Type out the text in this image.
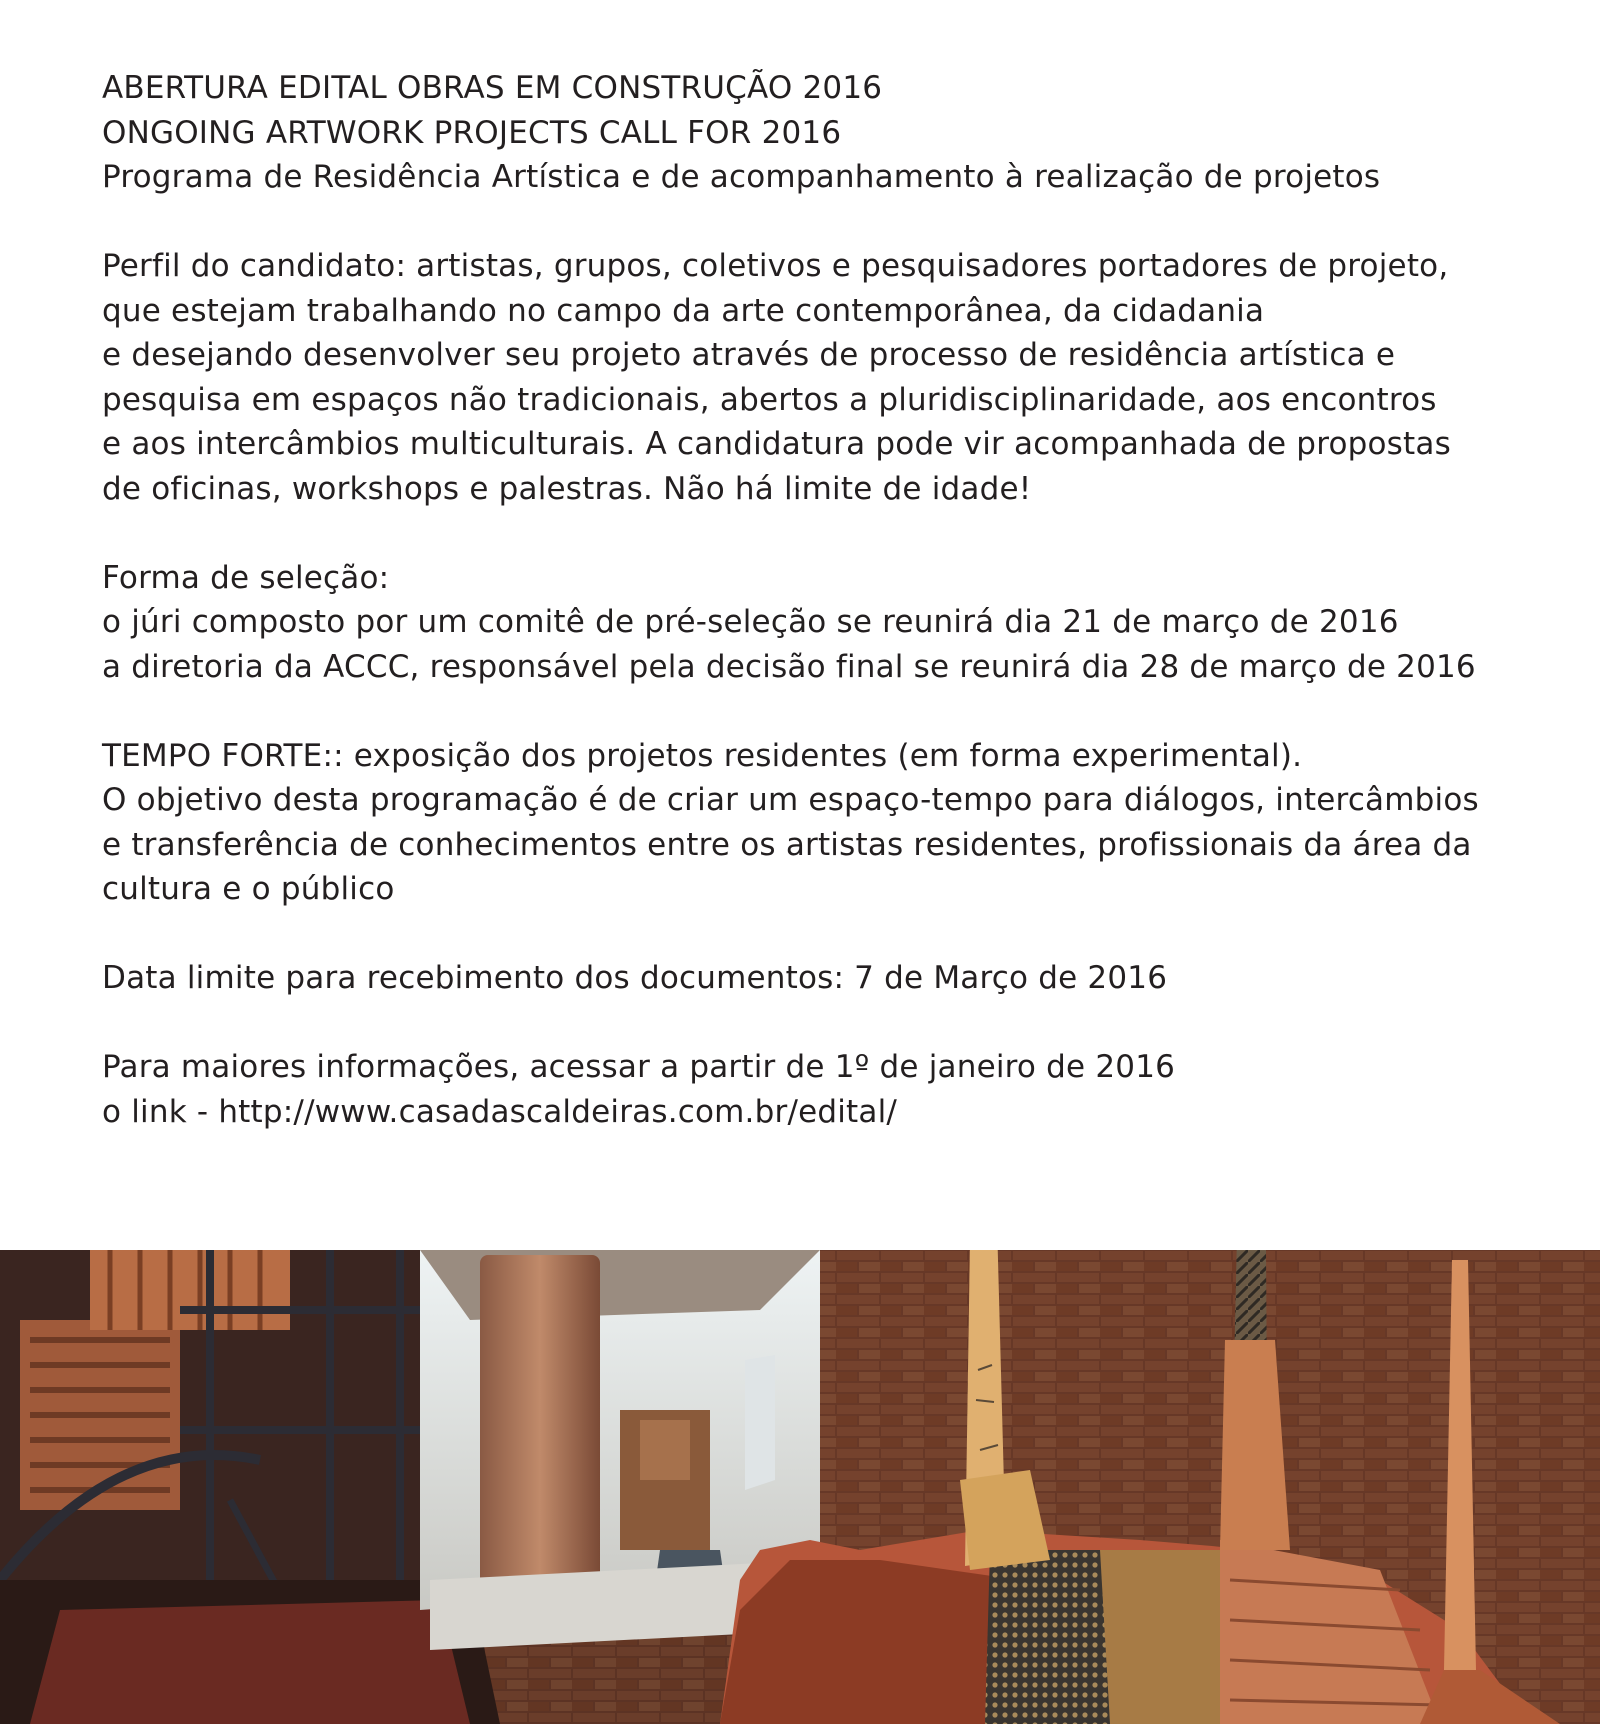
ABERTURA EDITAL OBRAS EM CONSTRUÇÃO 2016
ONGOING ARTWORK PROJECTS CALL FOR 2016
Programa de Residência Artística e de acompanhamento à realização de projetos
Perfil do candidato: artistas, grupos, coletivos e pesquisadores portadores de projeto,
que estejam trabalhando no campo da arte contemporânea, da cidadania
e desejando desenvolver seu projeto através de processo de residência artística e
pesquisa em espaços não tradicionais, abertos a pluridisciplinaridade, aos encontros
e aos intercâmbios multiculturais. A candidatura pode vir acompanhada de propostas
de oficinas, workshops e palestras. Não há limite de idade!
Forma de seleção:
o júri composto por um comitê de pré-seleção se reunirá dia 21 de março de 2016
a diretoria da ACCC, responsável pela decisão final se reunirá dia 28 de março de 2016
TEMPO FORTE:: exposição dos projetos residentes (em forma experimental).
O objetivo desta programação é de criar um espaço-tempo para diálogos, intercâmbios
e transferência de conhecimentos entre os artistas residentes, profissionais da área da
cultura e o público
Data limite para recebimento dos documentos: 7 de Março de 2016
Para maiores informações, acessar a partir de 1º de janeiro de 2016
o link - http://www.casadascaldeiras.com.br/edital/
